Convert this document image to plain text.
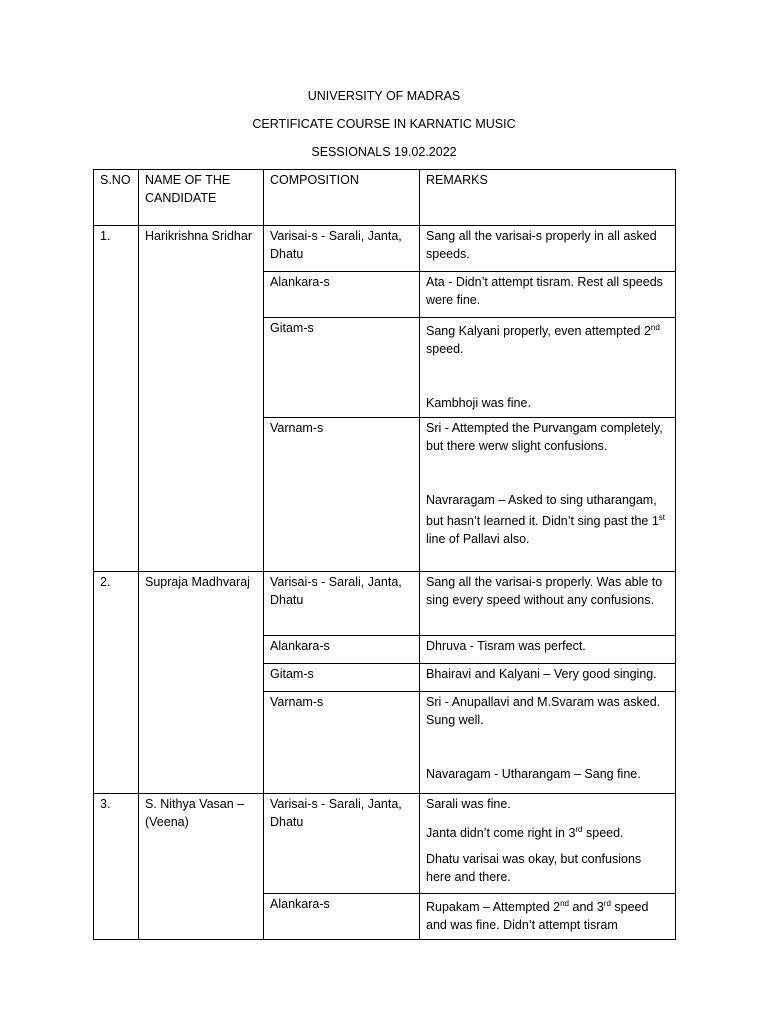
UNIVERSITY OF MADRAS
CERTIFICATE COURSE IN KARNATIC MUSIC
SESSIONALS 19.02.2022
S.NO	NAME OF THE CANDIDATE	COMPOSITION	REMARKS
1.	Harikrishna Sridhar	Varisai-s - Sarali, Janta, Dhatu	Sang all the varisai-s properly in all asked speeds.

		Alankara-s	Ata - Didn’t attempt tisram. Rest all speeds were fine.

		Gitam-s	Sang Kalyani properly, even attempted 2nd speed.
Kambhoji was fine.

		Varnam-s	Sri - Attempted the Purvangam completely, but there werw slight confusions.
Navraragam – Asked to sing utharangam, but hasn’t learned it. Didn’t sing past the 1st line of Pallavi also.

2.	Supraja Madhvaraj	Varisai-s - Sarali, Janta, Dhatu	Sang all the varisai-s properly. Was able to sing every speed without any confusions.

		Alankara-s	Dhruva - Tisram was perfect.

		Gitam-s	Bhairavi and Kalyani – Very good singing.

		Varnam-s	Sri - Anupallavi and M.Svaram was asked. Sung well.
Navaragam - Utharangam – Sang fine.

3.	S. Nithya Vasan – (Veena)	Varisai-s - Sarali, Janta, Dhatu	Sarali was fine.
Janta didn’t come right in 3rd speed.
Dhatu varisai was okay, but confusions here and there.

		Alankara-s	Rupakam – Attempted 2nd and 3rd speed and was fine. Didn’t attempt tisram
